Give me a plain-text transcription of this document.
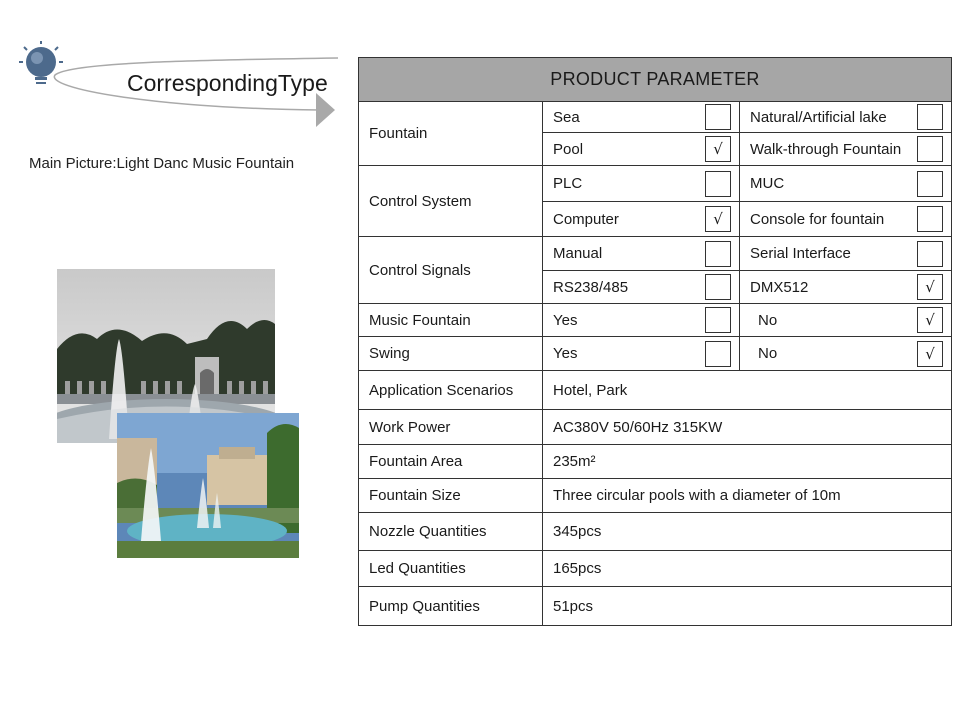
CorrespondingType
Main Picture:Light Danc Music Fountain
PRODUCT PARAMETER		
Fountain	Sea	Natural/Artificial lake

	Pool √	Walk-through Fountain

Control System	PLC	MUC

	Computer √	Console for fountain

Control Signals	Manual	Serial Interface

	RS238/485	DMX512 √

Music Fountain	Yes	No √

Swing	Yes	No √

Application Scenarios	Hotel, Park	
Work Power	AC380V 50/60Hz 315KW	
Fountain Area	235m²	
Fountain Size	Three circular pools with a diameter of 10m	
Nozzle Quantities	345pcs	
Led Quantities	165pcs	
Pump Quantities	51pcs	
